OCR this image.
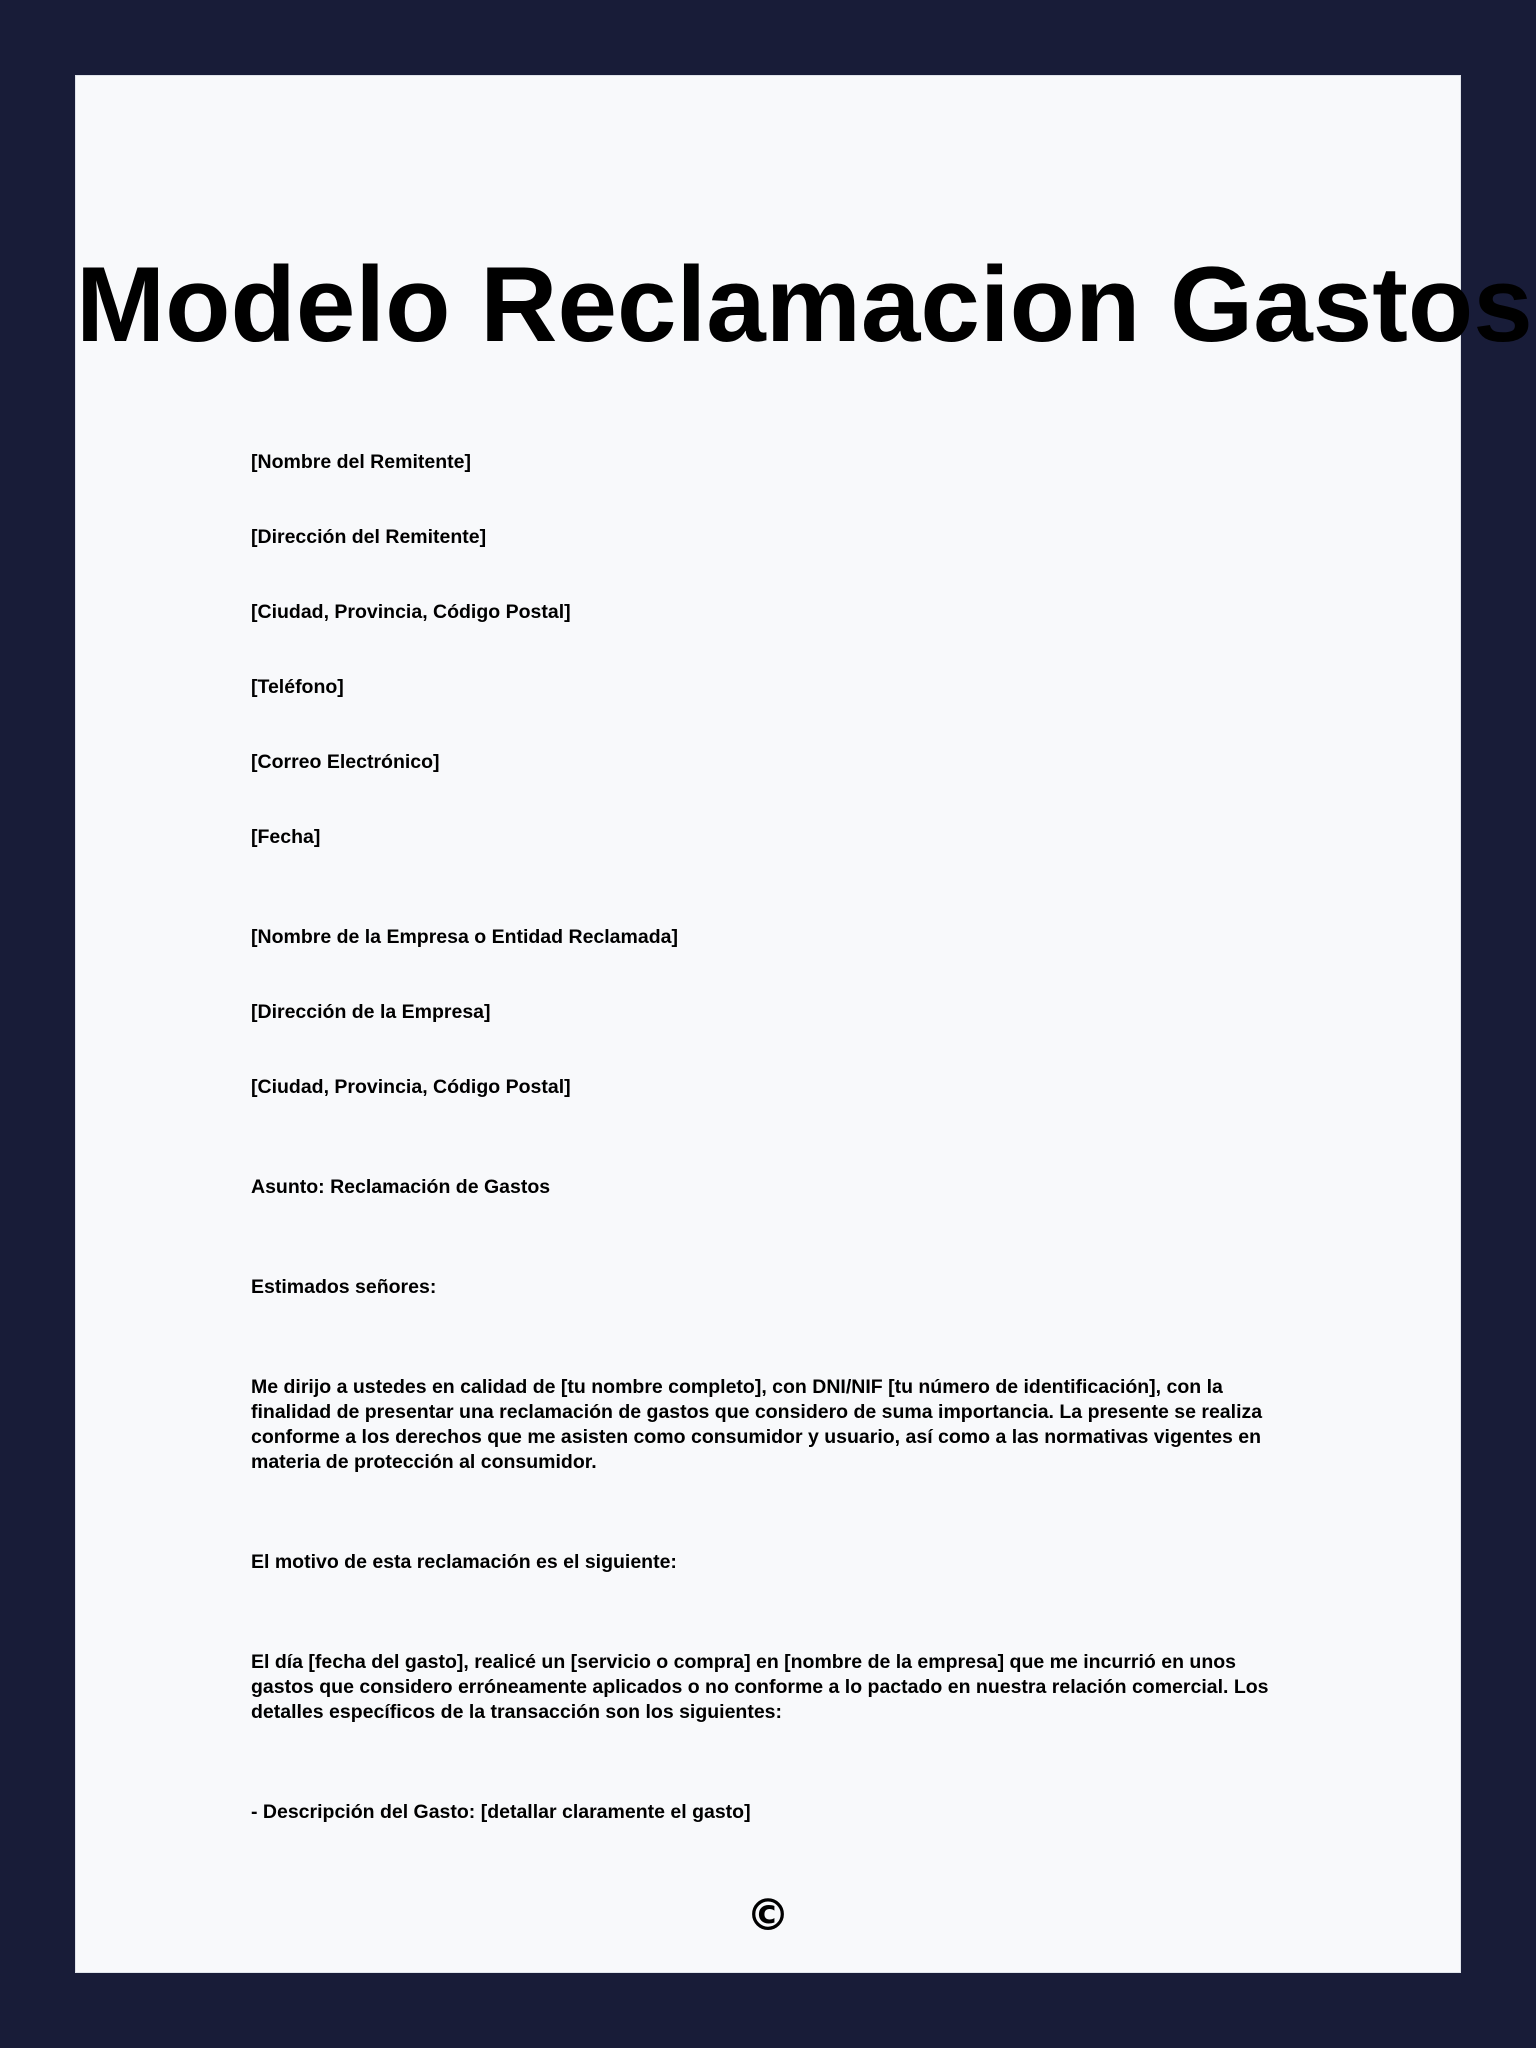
Modelo Reclamacion Gastos

[Nombre del Remitente]

[Dirección del Remitente]

[Ciudad, Provincia, Código Postal]

[Teléfono]

[Correo Electrónico]

[Fecha]

[Nombre de la Empresa o Entidad Reclamada]

[Dirección de la Empresa]

[Ciudad, Provincia, Código Postal]

Asunto: Reclamación de Gastos

Estimados señores:

Me dirijo a ustedes en calidad de [tu nombre completo], con DNI/NIF [tu número de identificación], con la finalidad de presentar una reclamación de gastos que considero de suma importancia. La presente se realiza conforme a los derechos que me asisten como consumidor y usuario, así como a las normativas vigentes en materia de protección al consumidor.

El motivo de esta reclamación es el siguiente:

El día [fecha del gasto], realicé un [servicio o compra] en [nombre de la empresa] que me incurrió en unos gastos que considero erróneamente aplicados o no conforme a lo pactado en nuestra relación comercial. Los detalles específicos de la transacción son los siguientes:

- Descripción del Gasto: [detallar claramente el gasto]

©
